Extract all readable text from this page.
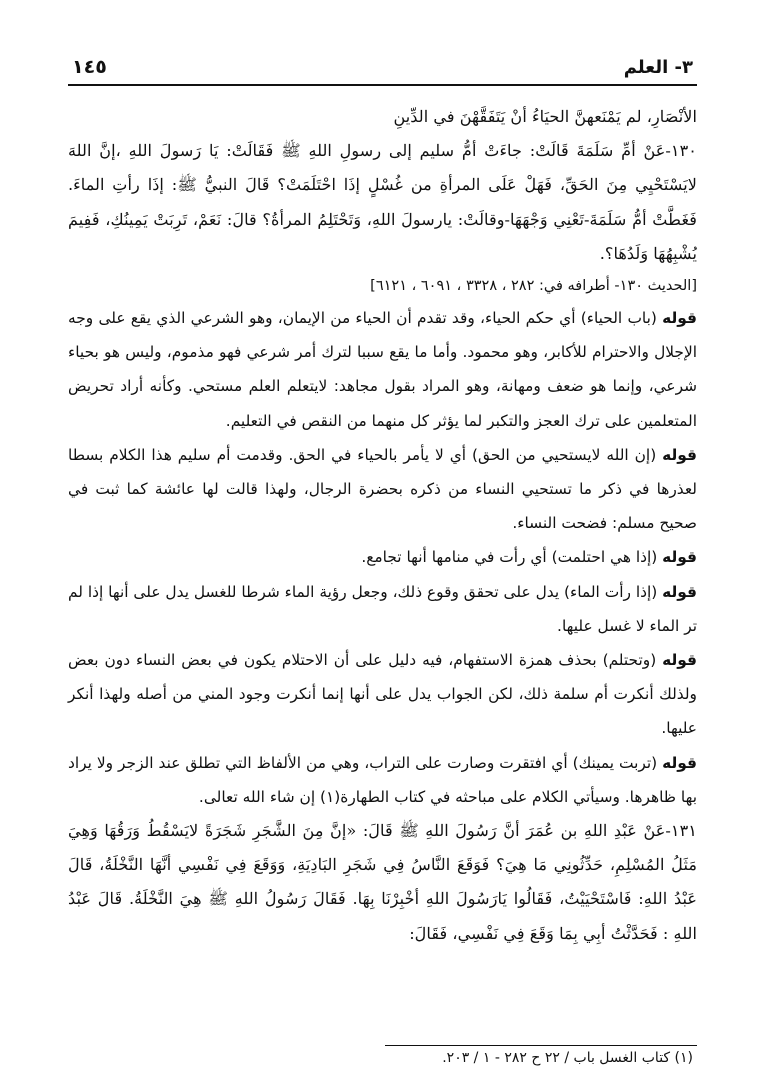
٣- العلم
١٤٥

الأنْصَارِ، لم يَمْنَعهنَّ الحيَاءُ أنْ يَتَفَقَّهْنَ في الدِّينِ

١٣٠-عَنْ أمِّ سَلَمَةَ قَالَتْ: جاءَتْ أمُّ سليم إلى رسولِ اللهِ ﷺ فَقَالَتْ: يَا رَسولَ اللهِ ،إنَّ اللهَ لايَسْتَحْيِي مِنَ الحَقِّ، فَهَلْ عَلَى المرأةِ من غُسْلٍ إذَا احْتَلَمَتْ؟ قَالَ النبيُّ ﷺ: إذَا رأتِ الماءَ. فَغَطَّتْ أمُّ سَلَمَةَ-تَعْنِي وَجْهَهَا-وقالَتْ: يارسولَ اللهِ، وَتَحْتَلِمُ المرأةُ؟ قالَ: نَعَمْ، تَرِبَتْ يَمِينُكِ، فَفِيمَ يُشْبِهُهَا وَلَدُهَا؟.

[الحديث ١٣٠- أطرافه في: ٢٨٢ ، ٣٣٢٨ ، ٦٠٩١ ، ٦١٢١]

قوله (باب الحياء) أي حكم الحياء، وقد تقدم أن الحياء من الإيمان، وهو الشرعي الذي يقع على وجه الإجلال والاحترام للأكابر، وهو محمود. وأما ما يقع سببا لترك أمر شرعي فهو مذموم، وليس هو بحياء شرعي، وإنما هو ضعف ومهانة، وهو المراد بقول مجاهد: لايتعلم العلم مستحي. وكأنه أراد تحريض المتعلمين على ترك العجز والتكبر لما يؤثر كل منهما من النقص في التعليم.

قوله (إن الله لايستحيي من الحق) أي لا يأمر بالحياء في الحق. وقدمت أم سليم هذا الكلام بسطا لعذرها في ذكر ما تستحيي النساء من ذكره بحضرة الرجال، ولهذا قالت لها عائشة كما ثبت في صحيح مسلم: فضحت النساء.

قوله (إذا هي احتلمت) أي رأت في منامها أنها تجامع.

قوله (إذا رأت الماء) يدل على تحقق وقوع ذلك، وجعل رؤية الماء شرطا للغسل يدل على أنها إذا لم تر الماء لا غسل عليها.

قوله (وتحتلم) بحذف همزة الاستفهام، فيه دليل على أن الاحتلام يكون في بعض النساء دون بعض ولذلك أنكرت أم سلمة ذلك، لكن الجواب يدل على أنها إنما أنكرت وجود المني من أصله ولهذا أنكر عليها.

قوله (تربت يمينك) أي افتقرت وصارت على التراب، وهي من الألفاظ التي تطلق عند الزجر ولا يراد بها ظاهرها. وسيأتي الكلام على مباحثه في كتاب الطهارة(١) إن شاء الله تعالى.

١٣١-عَنْ عَبْدِ اللهِ بن عُمَرَ أنَّ رَسُولَ اللهِ ﷺ قَالَ: «إنَّ مِنَ الشَّجَرِ شَجَرَةً لايَسْقُطُ وَرَقُهَا وَهِيَ مَثَلُ المُسْلِمِ، حَدِّثُونِي مَا هِيَ؟ فَوَقَعَ النَّاسُ فِي شَجَرِ البَادِيَةِ، وَوَقَعَ فِي نَفْسِي أنَّهَا النَّخْلَةُ، قَالَ عَبْدُ اللهِ: فَاسْتَحْيَيْتُ، فَقَالُوا يَارَسُولَ اللهِ أخْبِرْنَا بِهَا. فَقَالَ رَسُولُ اللهِ ﷺ هِيَ النَّخْلَةُ. قَالَ عَبْدُ اللهِ : فَحَدَّثْتُ أبِي بِمَا وَقَعَ فِي نَفْسِي، فَقَالَ:

(١) كتاب الغسل باب / ٢٢ ح ٢٨٢ - ١ / ٢٠٣.
